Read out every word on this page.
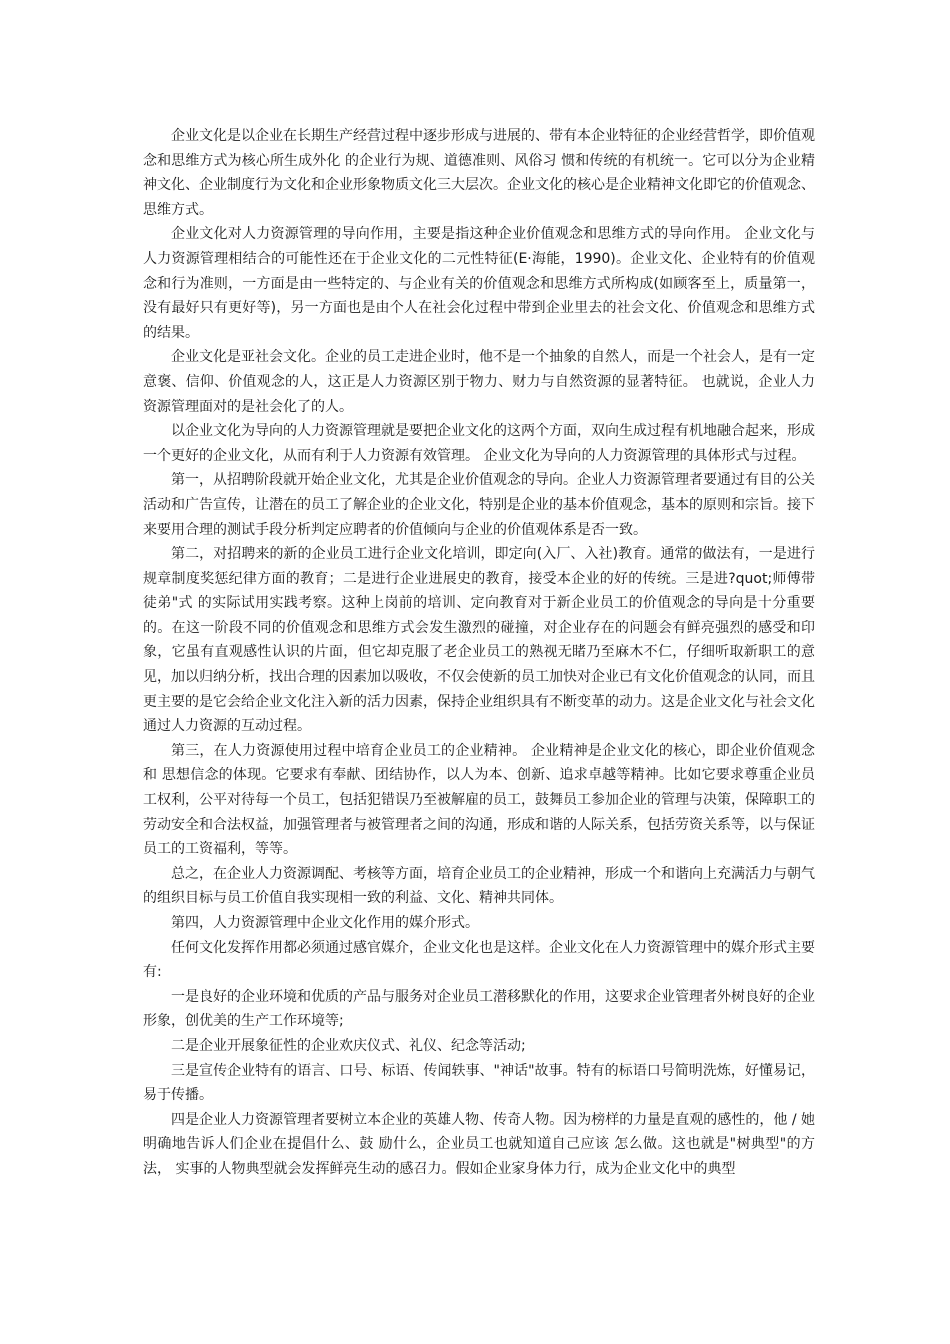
企业文化是以企业在长期生产经营过程中逐步形成与进展的、带有本企业特征的企业经营哲学，即价值观念和思维方式为核心所生成外化 的企业行为规、道德准则、风俗习 惯和传统的有机统一。它可以分为企业精神文化、企业制度行为文化和企业形象物质文化三大层次。企业文化的核心是企业精神文化即它的价值观念、思维方式。

企业文化对人力资源管理的导向作用，主要是指这种企业价值观念和思维方式的导向作用。 企业文化与人力资源管理相结合的可能性还在于企业文化的二元性特征(E·海能，1990)。企业文化、企业特有的价值观念和行为准则，一方面是由一些特定的、与企业有关的价值观念和思维方式所构成(如顾客至上，质量第一，没有最好只有更好等)，另一方面也是由个人在社会化过程中带到企业里去的社会文化、价值观念和思维方式的结果。

企业文化是亚社会文化。企业的员工走进企业时，他不是一个抽象的自然人，而是一个社会人，是有一定意褒、信仰、价值观念的人，这正是人力资源区别于物力、财力与自然资源的显著特征。 也就说，企业人力资源管理面对的是社会化了的人。

以企业文化为导向的人力资源管理就是要把企业文化的这两个方面，双向生成过程有机地融合起来，形成一个更好的企业文化，从而有利于人力资源有效管理。 企业文化为导向的人力资源管理的具体形式与过程。

第一，从招聘阶段就开始企业文化，尤其是企业价值观念的导向。企业人力资源管理者要通过有目的公关活动和广告宣传，让潜在的员工了解企业的企业文化，特别是企业的基本价值观念，基本的原则和宗旨。接下来要用合理的测试手段分析判定应聘者的价值倾向与企业的价值观体系是否一致。

第二，对招聘来的新的企业员工进行企业文化培训，即定向(入厂、入社)教育。通常的做法有，一是进行规章制度奖惩纪律方面的教育；二是进行企业进展史的教育，接受本企业的好的传统。三是进?quot;师傅带徒弟"式 的实际试用实践考察。这种上岗前的培训、定向教育对于新企业员工的价值观念的导向是十分重要的。在这一阶段不同的价值观念和思维方式会发生激烈的碰撞，对企业存在的问题会有鲜亮强烈的感受和印象，它虽有直观感性认识的片面，但它却克服了老企业员工的熟视无睹乃至麻木不仁，仔细听取新职工的意见，加以归纳分析，找出合理的因素加以吸收，不仅会使新的员工加快对企业已有文化价值观念的认同，而且更主要的是它会给企业文化注入新的活力因素，保持企业组织具有不断变革的动力。这是企业文化与社会文化通过人力资源的互动过程。

第三，在人力资源使用过程中培育企业员工的企业精神。 企业精神是企业文化的核心，即企业价值观念和 思想信念的体现。它要求有奉献、团结协作，以人为本、创新、追求卓越等精神。比如它要求尊重企业员工权利，公平对待每一个员工，包括犯错误乃至被解雇的员工，鼓舞员工参加企业的管理与决策，保障职工的劳动安全和合法权益，加强管理者与被管理者之间的沟通，形成和谐的人际关系，包括劳资关系等，以与保证员工的工资福利，等等。

总之，在企业人力资源调配、考核等方面，培育企业员工的企业精神，形成一个和谐向上充满活力与朝气的组织目标与员工价值自我实现相一致的利益、文化、精神共同体。

第四，人力资源管理中企业文化作用的媒介形式。

任何文化发挥作用都必须通过感官媒介，企业文化也是这样。企业文化在人力资源管理中的媒介形式主要有:

一是良好的企业环境和优质的产品与服务对企业员工潜移默化的作用，这要求企业管理者外树良好的企业形象，创优美的生产工作环境等;

二是企业开展象征性的企业欢庆仪式、礼仪、纪念等活动;

三是宣传企业特有的语言、口号、标语、传闻轶事、"神话"故事。特有的标语口号简明洗炼，好懂易记，易于传播。

四是企业人力资源管理者要树立本企业的英雄人物、传奇人物。因为榜样的力量是直观的感性的，他 / 她 明确地告诉人们企业在提倡什么、鼓 励什么，企业员工也就知道自己应该 怎么做。这也就是"树典型"的方法， 实事的人物典型就会发挥鲜亮生动的感召力。假如企业家身体力行，成为企业文化中的典型
